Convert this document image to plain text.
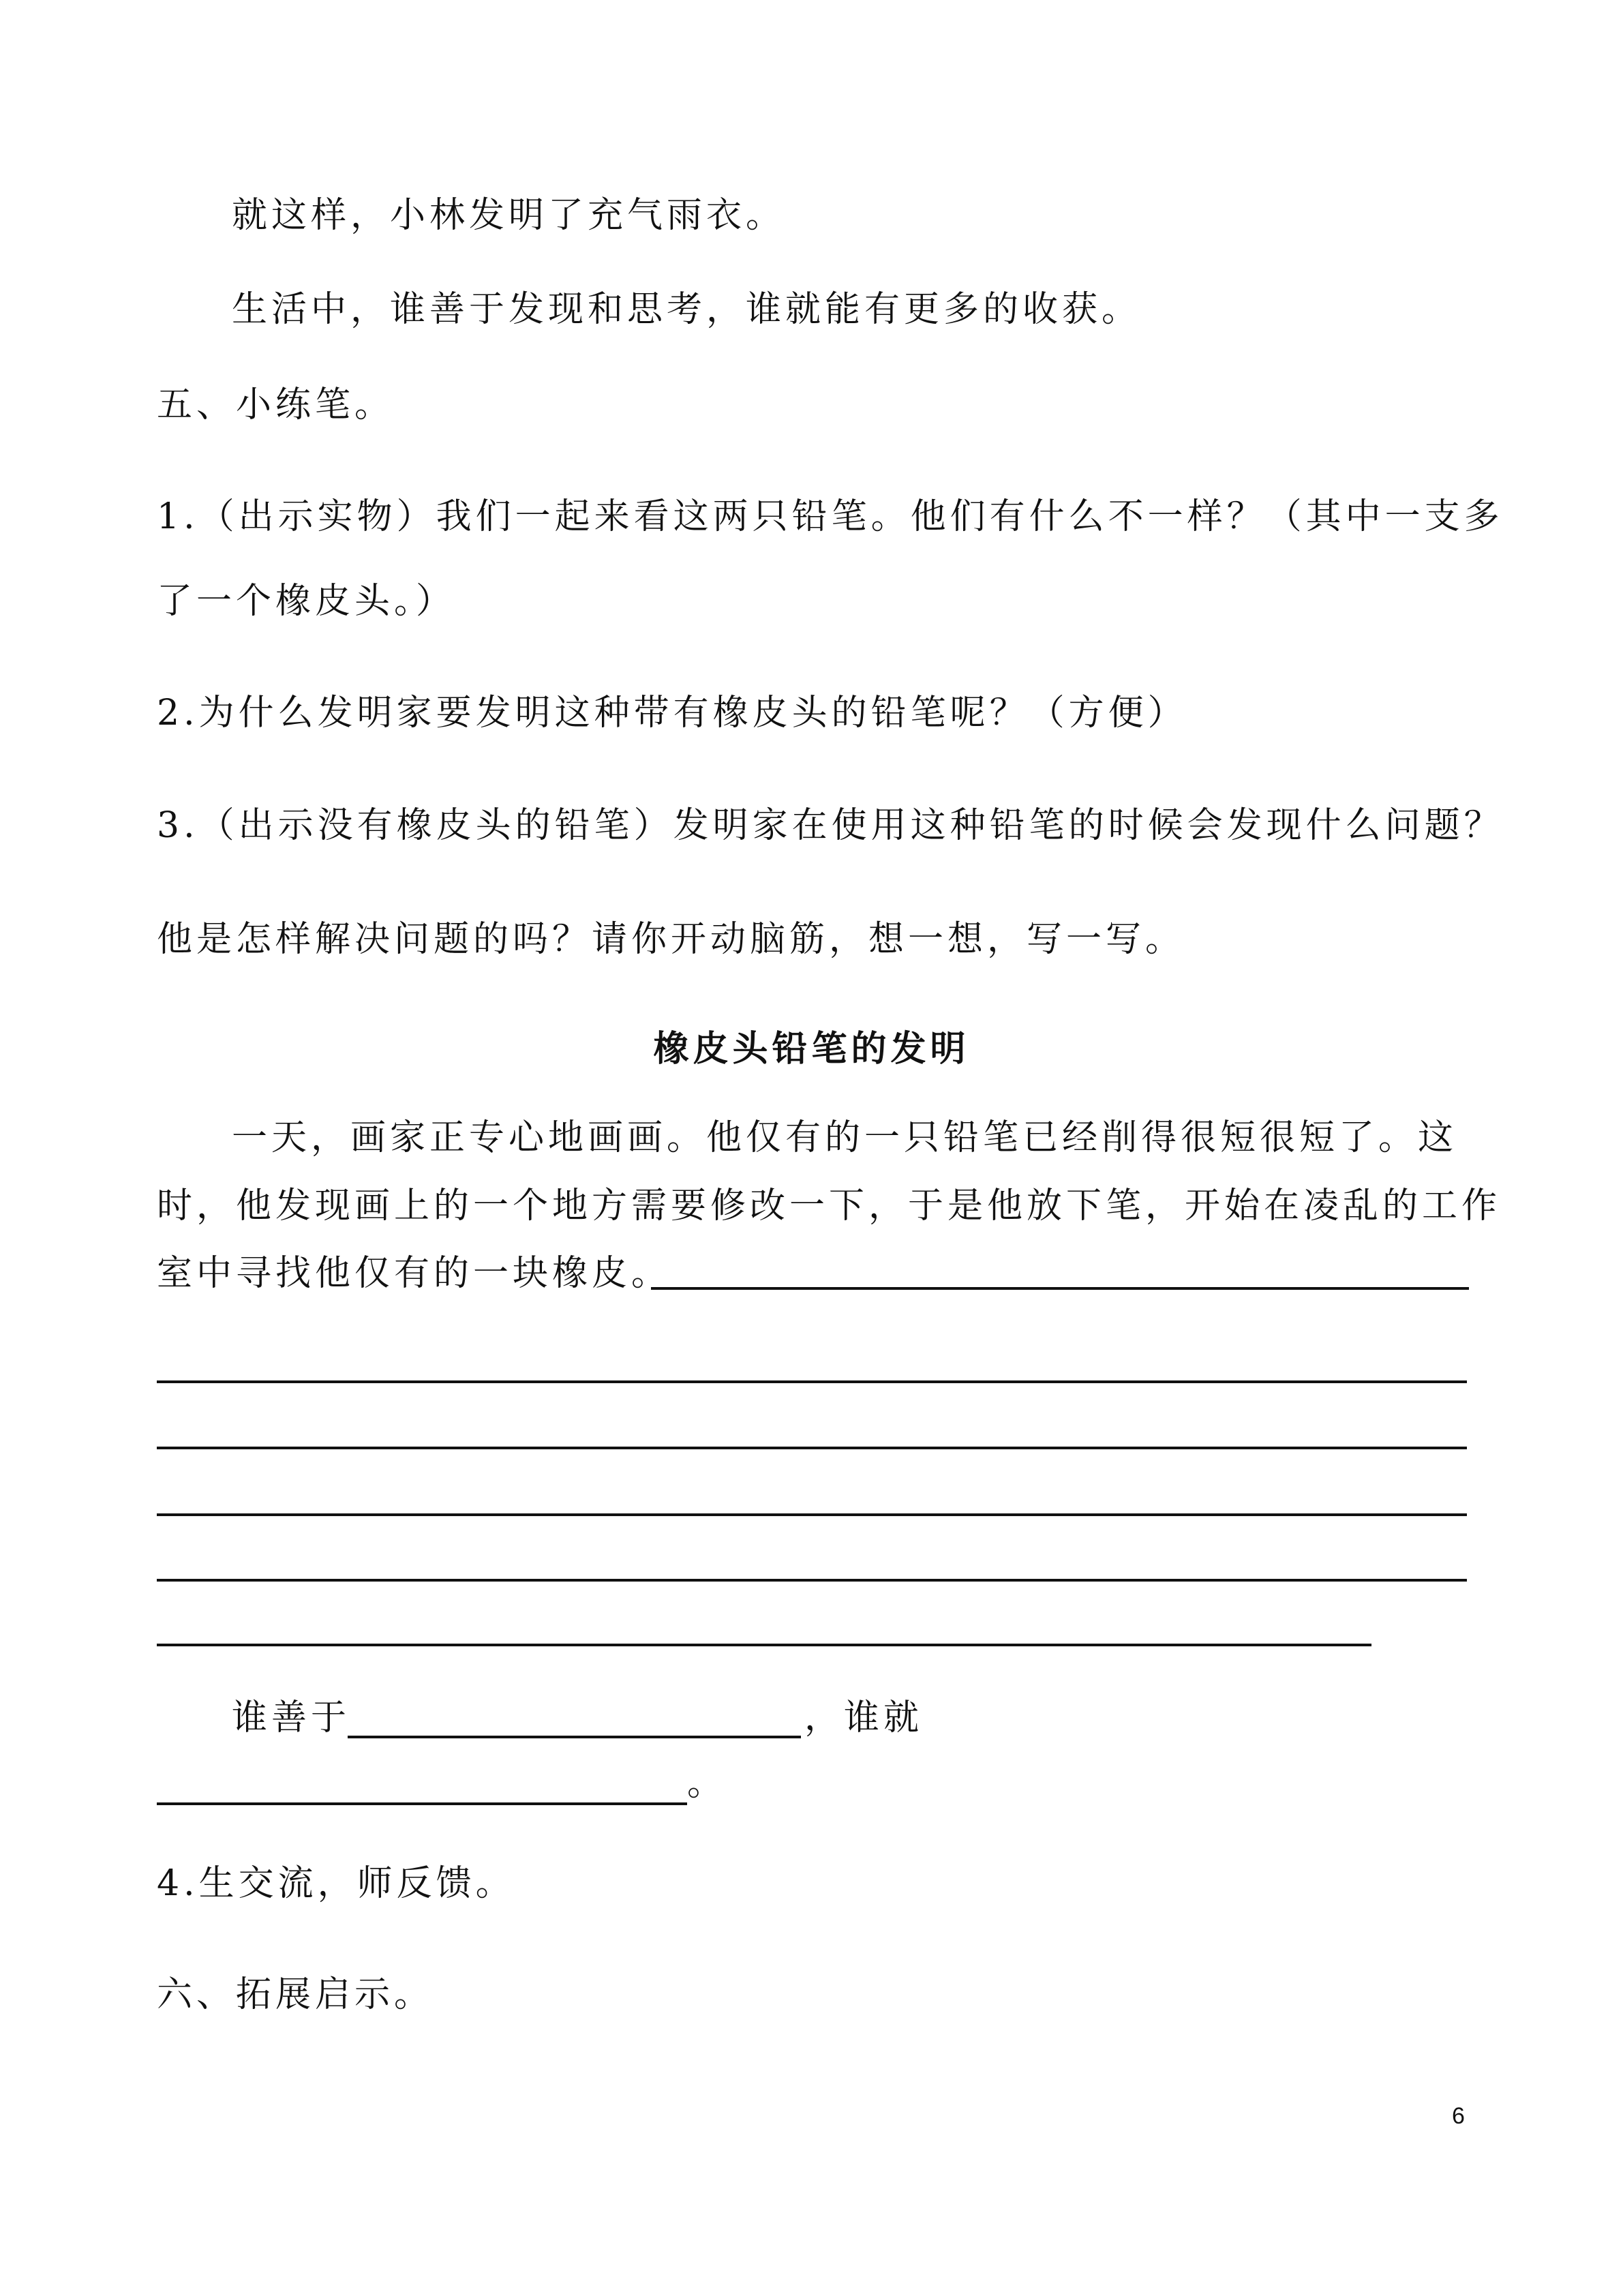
就这样，小林发明了充气雨衣。
生活中，谁善于发现和思考，谁就能有更多的收获。
五、小练笔。
1.（出示实物）我们一起来看这两只铅笔。他们有什么不一样？（其中一支多
了一个橡皮头。）
2.为什么发明家要发明这种带有橡皮头的铅笔呢？（方便）
3.（出示没有橡皮头的铅笔）发明家在使用这种铅笔的时候会发现什么问题？
他是怎样解决问题的吗？请你开动脑筋，想一想，写一写。
橡皮头铅笔的发明
一天，画家正专心地画画。他仅有的一只铅笔已经削得很短很短了。这
时，他发现画上的一个地方需要修改一下，于是他放下笔，开始在凌乱的工作
室中寻找他仅有的一块橡皮。
谁善于	，谁就
。
4.生交流，师反馈。
六、拓展启示。
6
